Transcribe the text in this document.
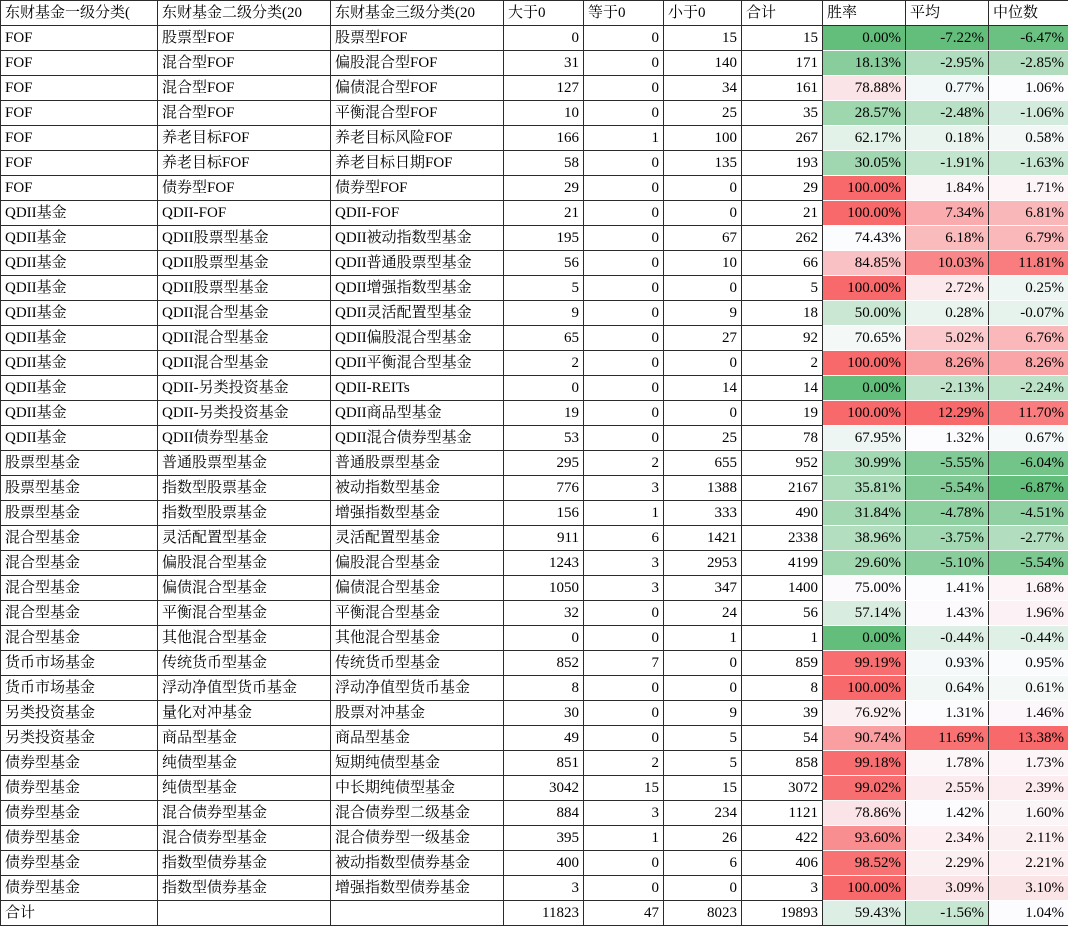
东财基金一级分类(	东财基金二级分类(20	东财基金三级分类(20	大于0	等于0	小于0	合计	胜率	平均	中位数
FOF	股票型FOF	股票型FOF	0	0	15	15	0.00%	-7.22%	-6.47%
FOF	混合型FOF	偏股混合型FOF	31	0	140	171	18.13%	-2.95%	-2.85%
FOF	混合型FOF	偏债混合型FOF	127	0	34	161	78.88%	0.77%	1.06%
FOF	混合型FOF	平衡混合型FOF	10	0	25	35	28.57%	-2.48%	-1.06%
FOF	养老目标FOF	养老目标风险FOF	166	1	100	267	62.17%	0.18%	0.58%
FOF	养老目标FOF	养老目标日期FOF	58	0	135	193	30.05%	-1.91%	-1.63%
FOF	债券型FOF	债券型FOF	29	0	0	29	100.00%	1.84%	1.71%
QDII基金	QDII-FOF	QDII-FOF	21	0	0	21	100.00%	7.34%	6.81%
QDII基金	QDII股票型基金	QDII被动指数型基金	195	0	67	262	74.43%	6.18%	6.79%
QDII基金	QDII股票型基金	QDII普通股票型基金	56	0	10	66	84.85%	10.03%	11.81%
QDII基金	QDII股票型基金	QDII增强指数型基金	5	0	0	5	100.00%	2.72%	0.25%
QDII基金	QDII混合型基金	QDII灵活配置型基金	9	0	9	18	50.00%	0.28%	-0.07%
QDII基金	QDII混合型基金	QDII偏股混合型基金	65	0	27	92	70.65%	5.02%	6.76%
QDII基金	QDII混合型基金	QDII平衡混合型基金	2	0	0	2	100.00%	8.26%	8.26%
QDII基金	QDII-另类投资基金	QDII-REITs	0	0	14	14	0.00%	-2.13%	-2.24%
QDII基金	QDII-另类投资基金	QDII商品型基金	19	0	0	19	100.00%	12.29%	11.70%
QDII基金	QDII债券型基金	QDII混合债券型基金	53	0	25	78	67.95%	1.32%	0.67%
股票型基金	普通股票型基金	普通股票型基金	295	2	655	952	30.99%	-5.55%	-6.04%
股票型基金	指数型股票基金	被动指数型基金	776	3	1388	2167	35.81%	-5.54%	-6.87%
股票型基金	指数型股票基金	增强指数型基金	156	1	333	490	31.84%	-4.78%	-4.51%
混合型基金	灵活配置型基金	灵活配置型基金	911	6	1421	2338	38.96%	-3.75%	-2.77%
混合型基金	偏股混合型基金	偏股混合型基金	1243	3	2953	4199	29.60%	-5.10%	-5.54%
混合型基金	偏债混合型基金	偏债混合型基金	1050	3	347	1400	75.00%	1.41%	1.68%
混合型基金	平衡混合型基金	平衡混合型基金	32	0	24	56	57.14%	1.43%	1.96%
混合型基金	其他混合型基金	其他混合型基金	0	0	1	1	0.00%	-0.44%	-0.44%
货币市场基金	传统货币型基金	传统货币型基金	852	7	0	859	99.19%	0.93%	0.95%
货币市场基金	浮动净值型货币基金	浮动净值型货币基金	8	0	0	8	100.00%	0.64%	0.61%
另类投资基金	量化对冲基金	股票对冲基金	30	0	9	39	76.92%	1.31%	1.46%
另类投资基金	商品型基金	商品型基金	49	0	5	54	90.74%	11.69%	13.38%
债券型基金	纯债型基金	短期纯债型基金	851	2	5	858	99.18%	1.78%	1.73%
债券型基金	纯债型基金	中长期纯债型基金	3042	15	15	3072	99.02%	2.55%	2.39%
债券型基金	混合债券型基金	混合债券型二级基金	884	3	234	1121	78.86%	1.42%	1.60%
债券型基金	混合债券型基金	混合债券型一级基金	395	1	26	422	93.60%	2.34%	2.11%
债券型基金	指数型债券基金	被动指数型债券基金	400	0	6	406	98.52%	2.29%	2.21%
债券型基金	指数型债券基金	增强指数型债券基金	3	0	0	3	100.00%	3.09%	3.10%
合计			11823	47	8023	19893	59.43%	-1.56%	1.04%
